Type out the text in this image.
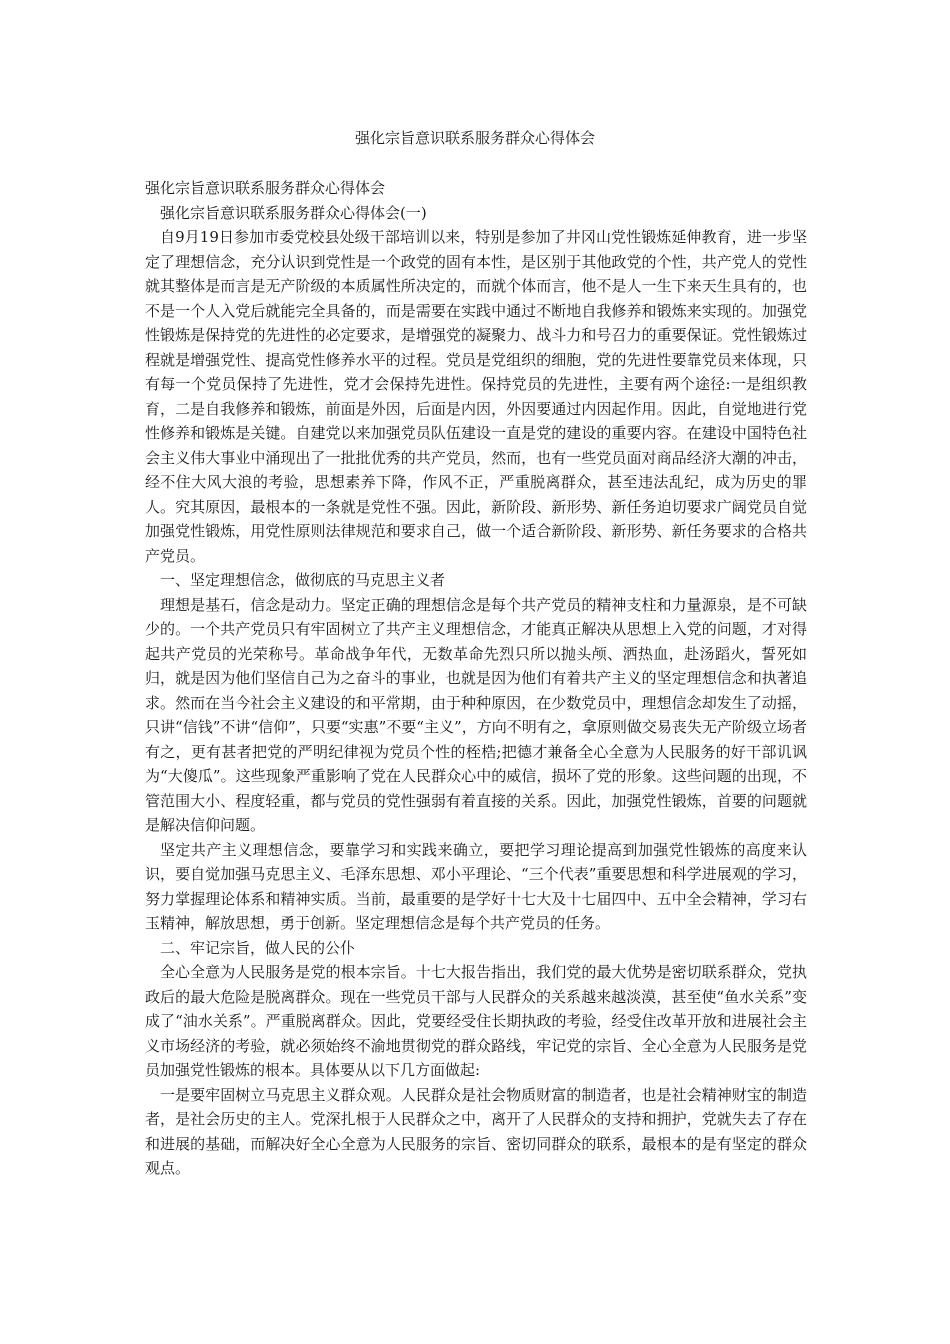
强化宗旨意识联系服务群众心得体会

强化宗旨意识联系服务群众心得体会

强化宗旨意识联系服务群众心得体会(一)

自9月19日参加市委党校县处级干部培训以来，特别是参加了井冈山党性锻炼延伸教育，进一步坚定了理想信念，充分认识到党性是一个政党的固有本性，是区别于其他政党的个性，共产党人的党性就其整体是而言是无产阶级的本质属性所决定的，而就个体而言，他不是人一生下来天生具有的，也不是一个人入党后就能完全具备的，而是需要在实践中通过不断地自我修养和锻炼来实现的。加强党性锻炼是保持党的先进性的必定要求，是增强党的凝聚力、战斗力和号召力的重要保证。党性锻炼过程就是增强党性、提高党性修养水平的过程。党员是党组织的细胞，党的先进性要靠党员来体现，只有每一个党员保持了先进性，党才会保持先进性。保持党员的先进性，主要有两个途径:一是组织教育，二是自我修养和锻炼，前面是外因，后面是内因，外因要通过内因起作用。因此，自觉地进行党性修养和锻炼是关键。自建党以来加强党员队伍建设一直是党的建设的重要内容。在建设中国特色社会主义伟大事业中涌现出了一批批优秀的共产党员，然而，也有一些党员面对商品经济大潮的冲击，经不住大风大浪的考验，思想素养下降，作风不正，严重脱离群众，甚至违法乱纪，成为历史的罪人。究其原因，最根本的一条就是党性不强。因此，新阶段、新形势、新任务迫切要求广阔党员自觉加强党性锻炼，用党性原则法律规范和要求自己，做一个适合新阶段、新形势、新任务要求的合格共产党员。

一、坚定理想信念，做彻底的马克思主义者

理想是基石，信念是动力。坚定正确的理想信念是每个共产党员的精神支柱和力量源泉，是不可缺少的。一个共产党员只有牢固树立了共产主义理想信念，才能真正解决从思想上入党的问题，才对得起共产党员的光荣称号。革命战争年代，无数革命先烈只所以抛头颅、洒热血，赴汤蹈火，誓死如归，就是因为他们坚信自己为之奋斗的事业，也就是因为他们有着共产主义的坚定理想信念和执著追求。然而在当今社会主义建设的和平常期，由于种种原因，在少数党员中，理想信念却发生了动摇，只讲“信钱”不讲“信仰”，只要“实惠”不要“主义”，方向不明有之，拿原则做交易丧失无产阶级立场者有之，更有甚者把党的严明纪律视为党员个性的桎梏;把德才兼备全心全意为人民服务的好干部讥讽为“大傻瓜”。这些现象严重影响了党在人民群众心中的威信，损坏了党的形象。这些问题的出现，不管范围大小、程度轻重，都与党员的党性强弱有着直接的关系。因此，加强党性锻炼，首要的问题就是解决信仰问题。

坚定共产主义理想信念，要靠学习和实践来确立，要把学习理论提高到加强党性锻炼的高度来认识，要自觉加强马克思主义、毛泽东思想、邓小平理论、“三个代表”重要思想和科学进展观的学习，努力掌握理论体系和精神实质。当前，最重要的是学好十七大及十七届四中、五中全会精神，学习右玉精神，解放思想，勇于创新。坚定理想信念是每个共产党员的任务。

二、牢记宗旨，做人民的公仆

全心全意为人民服务是党的根本宗旨。十七大报告指出，我们党的最大优势是密切联系群众，党执政后的最大危险是脱离群众。现在一些党员干部与人民群众的关系越来越淡漠，甚至使“鱼水关系”变成了“油水关系”。严重脱离群众。因此，党要经受住长期执政的考验，经受住改革开放和进展社会主义市场经济的考验，就必须始终不渝地贯彻党的群众路线，牢记党的宗旨、全心全意为人民服务是党员加强党性锻炼的根本。具体要从以下几方面做起:

一是要牢固树立马克思主义群众观。人民群众是社会物质财富的制造者，也是社会精神财宝的制造者，是社会历史的主人。党深扎根于人民群众之中，离开了人民群众的支持和拥护，党就失去了存在和进展的基础，而解决好全心全意为人民服务的宗旨、密切同群众的联系，最根本的是有坚定的群众观点。
